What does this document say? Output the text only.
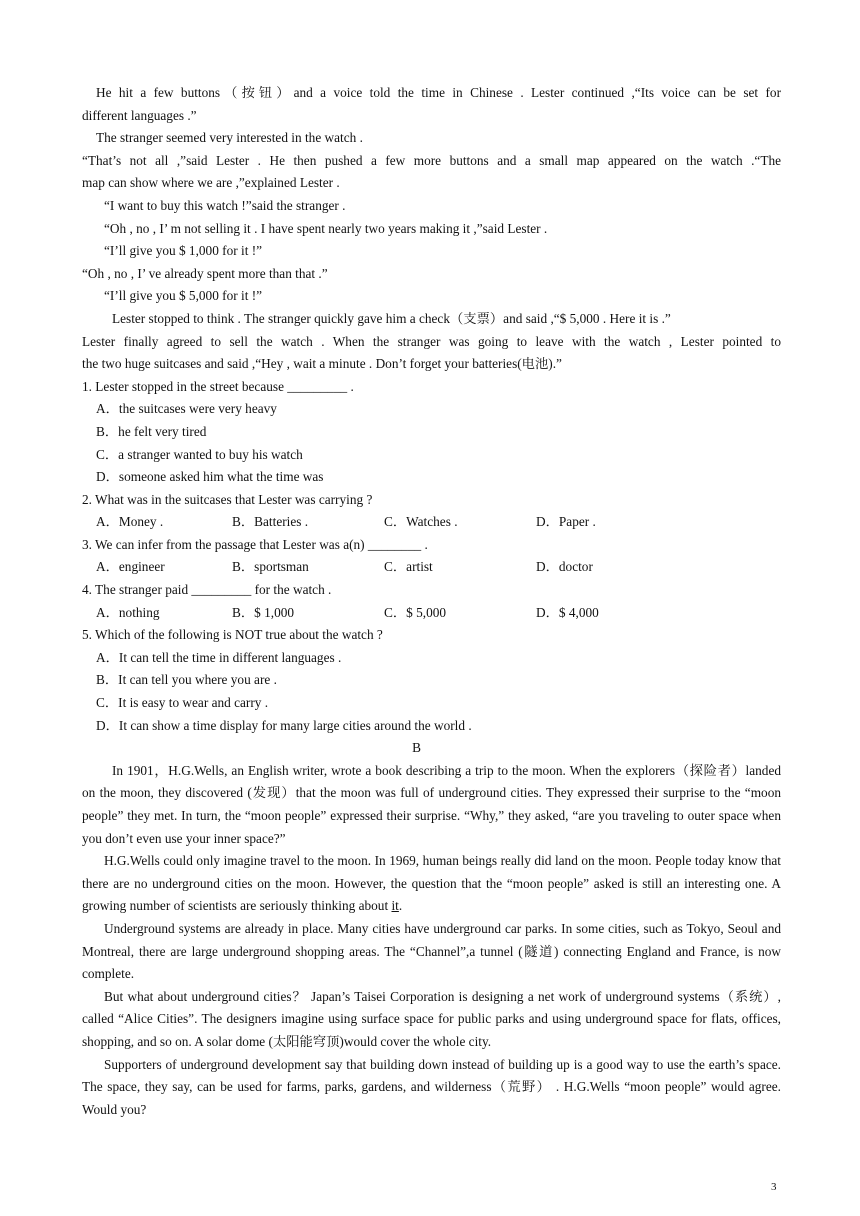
He hit a few buttons（按钮）and a voice told the time in Chinese . Lester continued ,“Its voice can be set for
different languages .”
The stranger seemed very interested in the watch .
“That’s not all ,”said Lester . He then pushed a few more buttons and a small map appeared on the watch .“The
map can show where we are ,”explained Lester .
“I want to buy this watch !”said the stranger .
“Oh , no , I’ m not selling it . I have spent nearly two years making it ,”said Lester .
“I’ll give you $ 1,000 for it !”
“Oh , no , I’ ve already spent more than that .”
“I’ll give you $ 5,000 for it !”
Lester stopped to think . The stranger quickly gave him a check（支票）and said ,“$ 5,000 . Here it is .”
Lester finally agreed to sell the watch . When the stranger was going to leave with the watch , Lester pointed to
the two huge suitcases and said ,“Hey , wait a minute . Don’t forget your batteries(电池).”
1. Lester stopped in the street because _________ .
A．the suitcases were very heavy
B．he felt very tired
C．a stranger wanted to buy his watch
D．someone asked him what the time was
2. What was in the suitcases that Lester was carrying ?
A．Money .	B．Batteries .	C．Watches .	D．Paper .
3. We can infer from the passage that Lester was a(n) ________ .
A．engineer	B．sportsman	C．artist	D．doctor
4. The stranger paid _________ for the watch .
A．nothing	B．$ 1,000	C．$ 5,000	D．$ 4,000
5. Which of the following is NOT true about the watch ?
A．It can tell the time in different languages .
B．It can tell you where you are .
C．It is easy to wear and carry .
D．It can show a time display for many large cities around the world .
B
In 1901，H.G.Wells, an English writer, wrote a book describing a trip to the moon. When the explorers（探险者）landed on the moon, they discovered (发现）that the moon was full of underground cities. They expressed their surprise to the “moon people” they met. In turn, the “moon people” expressed their surprise. “Why,” they asked, “are you traveling to outer space when you don’t even use your inner space?”
H.G.Wells could only imagine travel to the moon. In 1969, human beings really did land on the moon. People today know that there are no underground cities on the moon. However, the question that the “moon people” asked is still an interesting one. A growing number of scientists are seriously thinking about it.
Underground systems are already in place. Many cities have underground car parks. In some cities, such as Tokyo, Seoul and Montreal, there are large underground shopping areas. The “Channel”,a tunnel (隧道) connecting England and France, is now complete.
But what about underground cities？ Japan’s Taisei Corporation is designing a net work of underground systems（系统）, called “Alice Cities”. The designers imagine using surface space for public parks and using underground space for flats, offices, shopping, and so on. A solar dome (太阳能穹顶)would cover the whole city.
Supporters of underground development say that building down instead of building up is a good way to use the earth’s space. The space, they say, can be used for farms, parks, gardens, and wilderness（荒野） . H.G.Wells “moon people” would agree. Would you?
3
